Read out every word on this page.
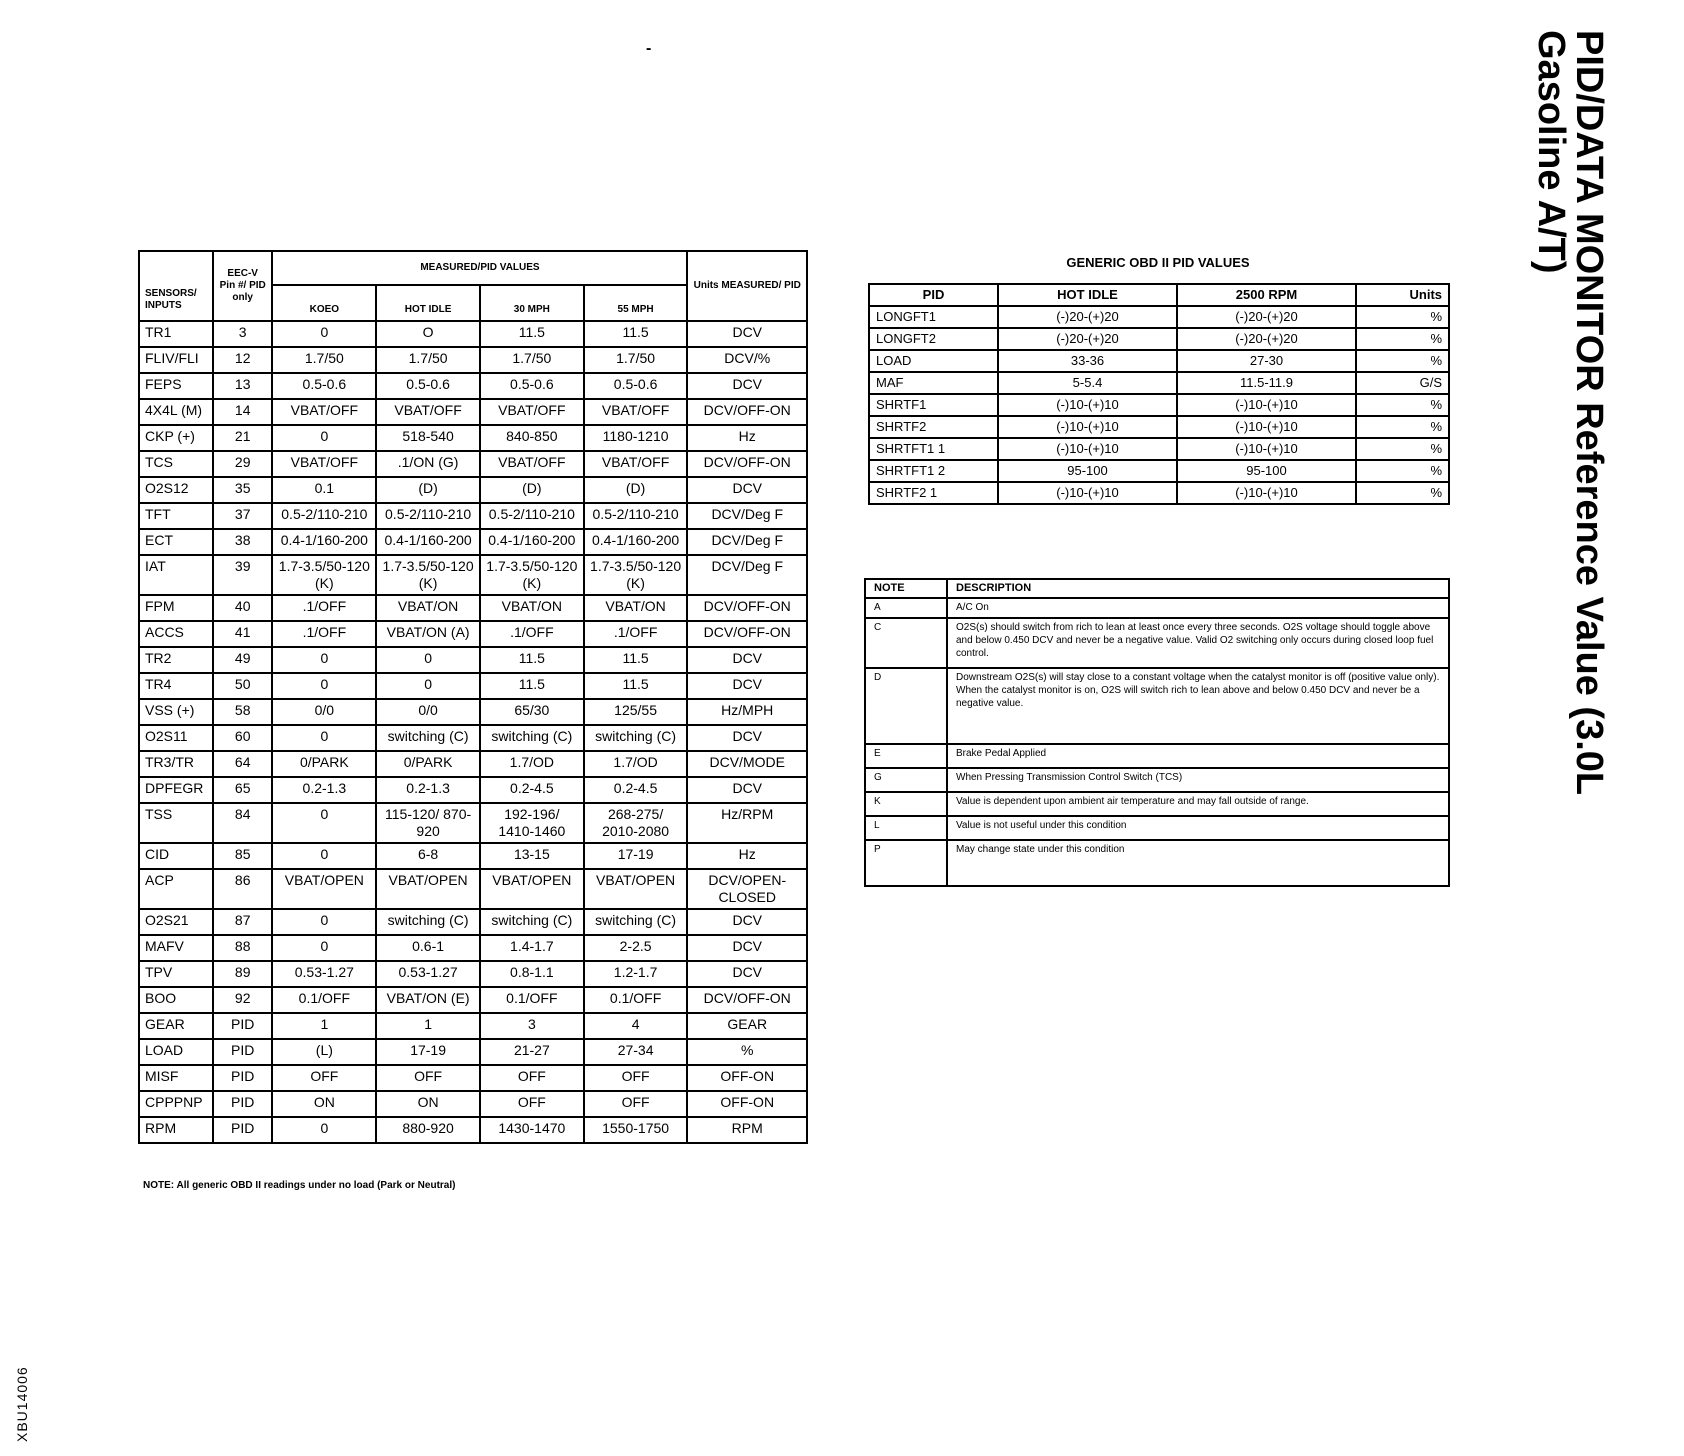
-
SENSORS/ INPUTS	EEC-V Pin #/ PID only	MEASURED/PID VALUES				Units MEASURED/ PID
		KOEO	HOT IDLE	30 MPH	55 MPH	
TR1	3	0	O	11.5	11.5	DCV
FLIV/FLI	12	1.7/50	1.7/50	1.7/50	1.7/50	DCV/%
FEPS	13	0.5-0.6	0.5-0.6	0.5-0.6	0.5-0.6	DCV
4X4L (M)	14	VBAT/OFF	VBAT/OFF	VBAT/OFF	VBAT/OFF	DCV/OFF-ON
CKP (+)	21	0	518-540	840-850	1180-1210	Hz
TCS	29	VBAT/OFF	.1/ON (G)	VBAT/OFF	VBAT/OFF	DCV/OFF-ON
O2S12	35	0.1	(D)	(D)	(D)	DCV
TFT	37	0.5-2/110-210	0.5-2/110-210	0.5-2/110-210	0.5-2/110-210	DCV/Deg F
ECT	38	0.4-1/160-200	0.4-1/160-200	0.4-1/160-200	0.4-1/160-200	DCV/Deg F
IAT	39	1.7-3.5/50-120 (K)	1.7-3.5/50-120 (K)	1.7-3.5/50-120 (K)	1.7-3.5/50-120 (K)	DCV/Deg F
FPM	40	.1/OFF	VBAT/ON	VBAT/ON	VBAT/ON	DCV/OFF-ON
ACCS	41	.1/OFF	VBAT/ON (A)	.1/OFF	.1/OFF	DCV/OFF-ON
TR2	49	0	0	11.5	11.5	DCV
TR4	50	0	0	11.5	11.5	DCV
VSS (+)	58	0/0	0/0	65/30	125/55	Hz/MPH
O2S11	60	0	switching (C)	switching (C)	switching (C)	DCV
TR3/TR	64	0/PARK	0/PARK	1.7/OD	1.7/OD	DCV/MODE
DPFEGR	65	0.2-1.3	0.2-1.3	0.2-4.5	0.2-4.5	DCV
TSS	84	0	115-120/ 870-920	192-196/ 1410-1460	268-275/ 2010-2080	Hz/RPM
CID	85	0	6-8	13-15	17-19	Hz
ACP	86	VBAT/OPEN	VBAT/OPEN	VBAT/OPEN	VBAT/OPEN	DCV/OPEN- CLOSED
O2S21	87	0	switching (C)	switching (C)	switching (C)	DCV
MAFV	88	0	0.6-1	1.4-1.7	2-2.5	DCV
TPV	89	0.53-1.27	0.53-1.27	0.8-1.1	1.2-1.7	DCV
BOO	92	0.1/OFF	VBAT/ON (E)	0.1/OFF	0.1/OFF	DCV/OFF-ON
GEAR	PID	1	1	3	4	GEAR
LOAD	PID	(L)	17-19	21-27	27-34	%
MISF	PID	OFF	OFF	OFF	OFF	OFF-ON
CPPPNP	PID	ON	ON	OFF	OFF	OFF-ON
RPM	PID	0	880-920	1430-1470	1550-1750	RPM
NOTE: All generic OBD II readings under no load (Park or Neutral)
GENERIC OBD II PID VALUES
PID	HOT IDLE	2500 RPM	Units
LONGFT1	(-)20-(+)20	(-)20-(+)20	%
LONGFT2	(-)20-(+)20	(-)20-(+)20	%
LOAD	33-36	27-30	%
MAF	5-5.4	11.5-11.9	G/S
SHRTF1	(-)10-(+)10	(-)10-(+)10	%
SHRTF2	(-)10-(+)10	(-)10-(+)10	%
SHRTFT1 1	(-)10-(+)10	(-)10-(+)10	%
SHRTFT1 2	95-100	95-100	%
SHRTF2 1	(-)10-(+)10	(-)10-(+)10	%
NOTE	DESCRIPTION
A	A/C On
C	O2S(s) should switch from rich to lean at least once every three seconds. O2S voltage should toggle above and below 0.450 DCV and never be a negative value. Valid O2 switching only occurs during closed loop fuel control.
D	Downstream O2S(s) will stay close to a constant voltage when the catalyst monitor is off (positive value only). When the catalyst monitor is on, O2S will switch rich to lean above and below 0.450 DCV and never be a negative value.
E	Brake Pedal Applied
G	When Pressing Transmission Control Switch (TCS)
K	Value is dependent upon ambient air temperature and may fall outside of range.
L	Value is not useful under this condition
P	May change state under this condition
PID/DATA MONITOR Reference Value (3.0L
Gasoline A/T)
XBU14006
